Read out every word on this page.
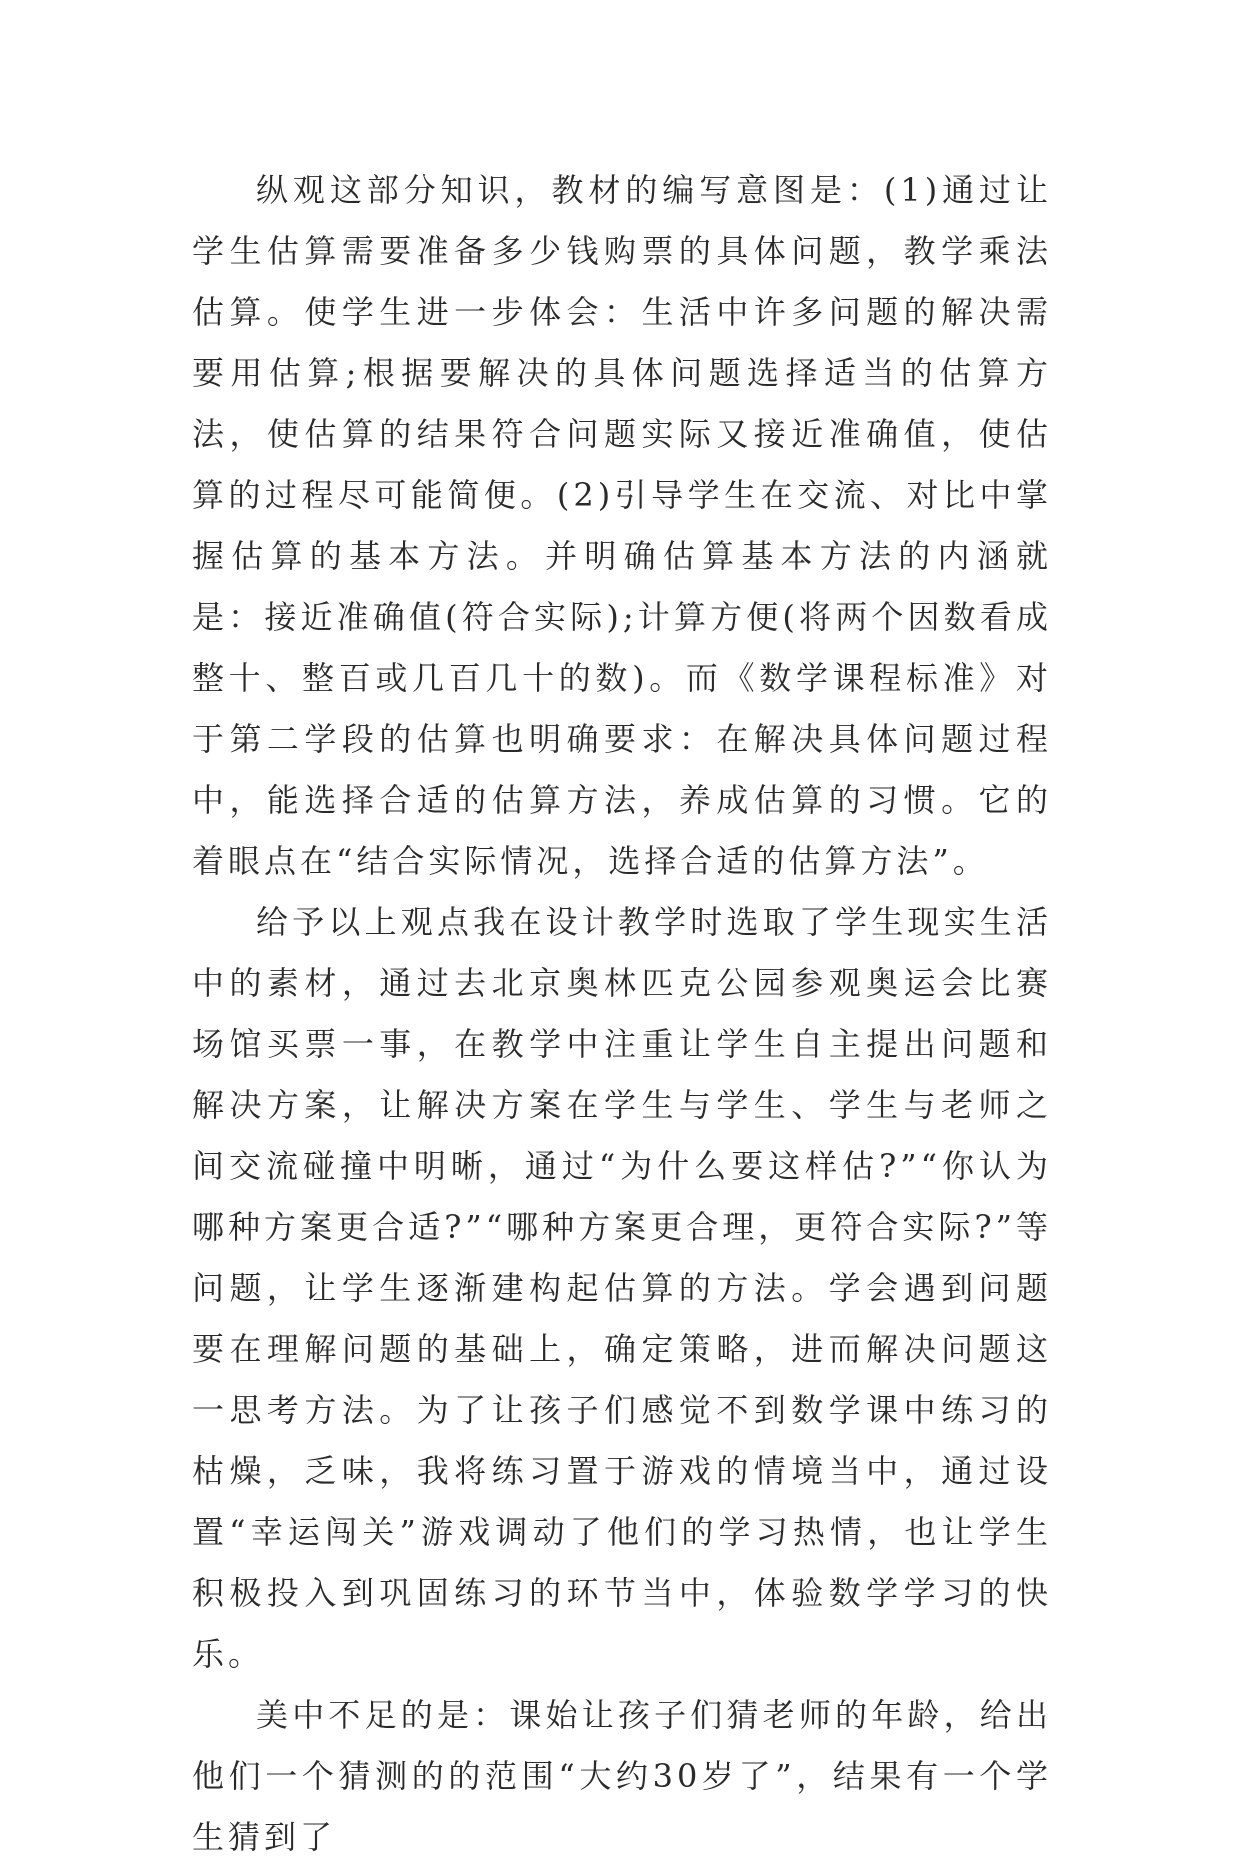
纵观这部分知识，教材的编写意图是：(1)通过让学生估算需要准备多少钱购票的具体问题，教学乘法估算。使学生进一步体会：生活中许多问题的解决需要用估算;根据要解决的具体问题选择适当的估算方法，使估算的结果符合问题实际又接近准确值，使估算的过程尽可能简便。(2)引导学生在交流、对比中掌握估算的基本方法。并明确估算基本方法的内涵就是：接近准确值(符合实际);计算方便(将两个因数看成整十、整百或几百几十的数)。而《数学课程标准》对于第二学段的估算也明确要求：在解决具体问题过程中，能选择合适的估算方法，养成估算的习惯。它的着眼点在“结合实际情况，选择合适的估算方法”。

给予以上观点我在设计教学时选取了学生现实生活中的素材，通过去北京奥林匹克公园参观奥运会比赛场馆买票一事，在教学中注重让学生自主提出问题和解决方案，让解决方案在学生与学生、学生与老师之间交流碰撞中明晰，通过“为什么要这样估?”“你认为哪种方案更合适?”“哪种方案更合理，更符合实际?”等问题，让学生逐渐建构起估算的方法。学会遇到问题要在理解问题的基础上，确定策略，进而解决问题这一思考方法。为了让孩子们感觉不到数学课中练习的枯燥，乏味，我将练习置于游戏的情境当中，通过设置“幸运闯关”游戏调动了他们的学习热情，也让学生积极投入到巩固练习的环节当中，体验数学学习的快乐。

美中不足的是：课始让孩子们猜老师的年龄，给出他们一个猜测的的范围“大约30岁了”，结果有一个学生猜到了
